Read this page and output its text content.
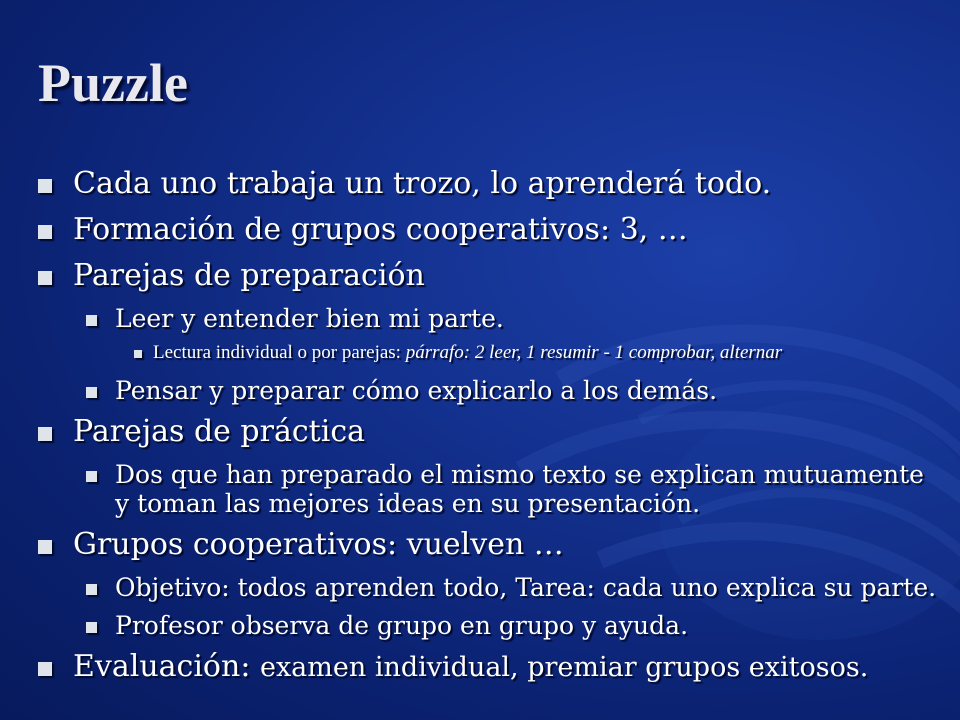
Puzzle
Cada uno trabaja un trozo, lo aprenderá todo.
Formación de grupos cooperativos: 3, …
Parejas de preparación
Leer y entender bien mi parte.
Lectura individual o por parejas: párrafo: 2 leer, 1 resumir - 1 comprobar, alternar
Pensar y preparar cómo explicarlo a los demás.
Parejas de práctica
Dos que han preparado el mismo texto se explican mutuamente y toman las mejores ideas en su presentación.
Grupos cooperativos: vuelven …
Objetivo: todos aprenden todo, Tarea: cada uno explica su parte.
Profesor observa de grupo en grupo y ayuda.
Evaluación: examen individual, premiar grupos exitosos.
